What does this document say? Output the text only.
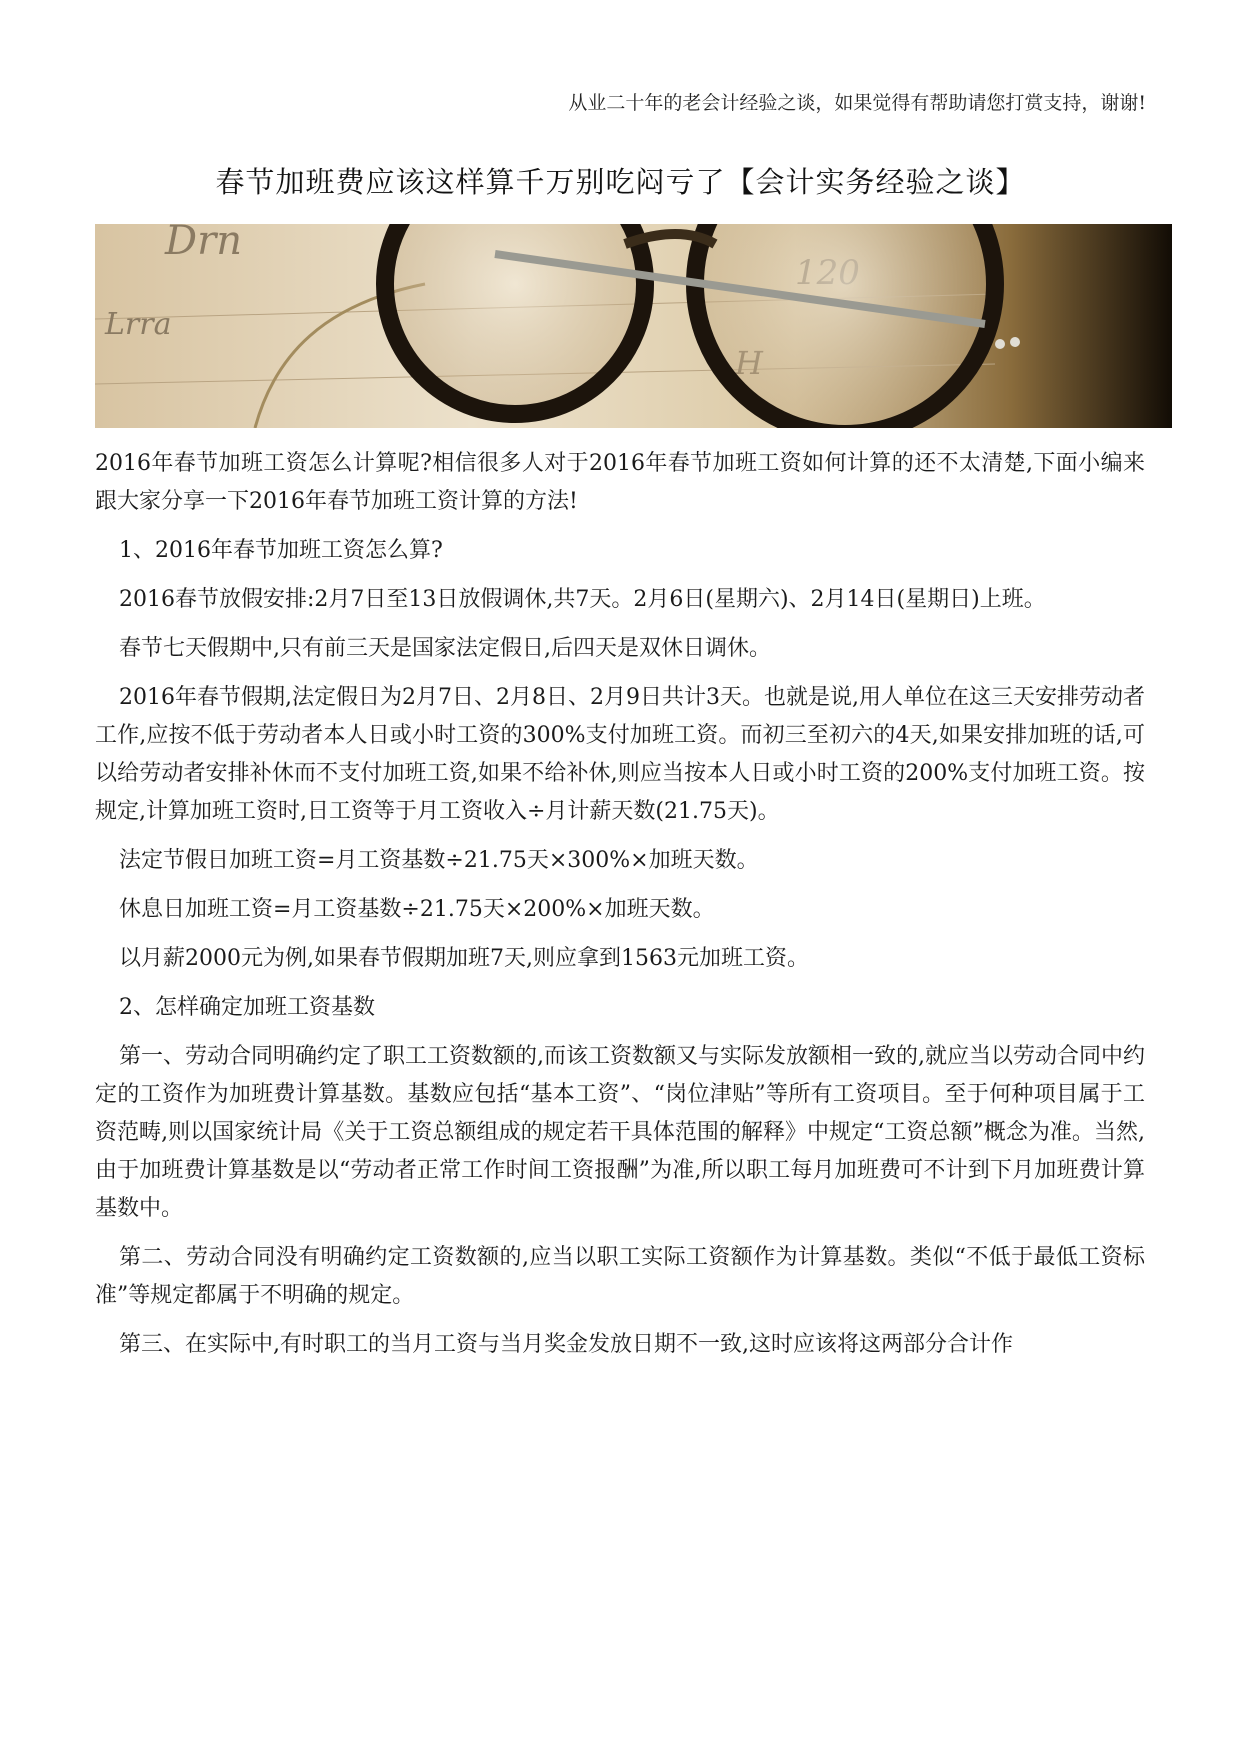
从业二十年的老会计经验之谈，如果觉得有帮助请您打赏支持，谢谢!
春节加班费应该这样算千万别吃闷亏了【会计实务经验之谈】
Drn
Lrra

2016年春节加班工资怎么计算呢?相信很多人对于2016年春节加班工资如何计算的还不太清楚,下面小编来跟大家分享一下2016年春节加班工资计算的方法!

1、2016年春节加班工资怎么算?

2016春节放假安排:2月7日至13日放假调休,共7天。2月6日(星期六)、2月14日(星期日)上班。

春节七天假期中,只有前三天是国家法定假日,后四天是双休日调休。

2016年春节假期,法定假日为2月7日、2月8日、2月9日共计3天。也就是说,用人单位在这三天安排劳动者工作,应按不低于劳动者本人日或小时工资的300%支付加班工资。而初三至初六的4天,如果安排加班的话,可以给劳动者安排补休而不支付加班工资,如果不给补休,则应当按本人日或小时工资的200%支付加班工资。按规定,计算加班工资时,日工资等于月工资收入÷月计薪天数(21.75天)。

法定节假日加班工资=月工资基数÷21.75天×300%×加班天数。

休息日加班工资=月工资基数÷21.75天×200%×加班天数。

以月薪2000元为例,如果春节假期加班7天,则应拿到1563元加班工资。

2、怎样确定加班工资基数

第一、劳动合同明确约定了职工工资数额的,而该工资数额又与实际发放额相一致的,就应当以劳动合同中约定的工资作为加班费计算基数。基数应包括“基本工资”、“岗位津贴”等所有工资项目。至于何种项目属于工资范畴,则以国家统计局《关于工资总额组成的规定若干具体范围的解释》中规定“工资总额”概念为准。当然,由于加班费计算基数是以“劳动者正常工作时间工资报酬”为准,所以职工每月加班费可不计到下月加班费计算基数中。

第二、劳动合同没有明确约定工资数额的,应当以职工实际工资额作为计算基数。类似“不低于最低工资标准”等规定都属于不明确的规定。

第三、在实际中,有时职工的当月工资与当月奖金发放日期不一致,这时应该将这两部分合计作
